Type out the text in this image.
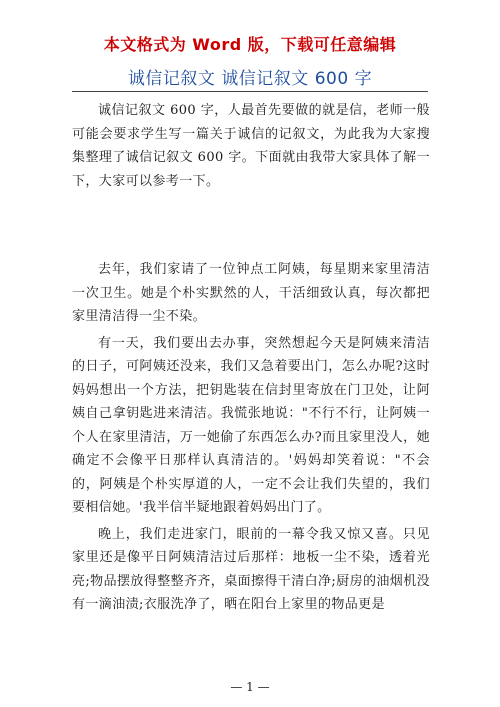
本文格式为 Word 版，下载可任意编辑
诚信记叙文 诚信记叙文 600 字

诚信记叙文 600 字，人最首先要做的就是信，老师一般可能会要求学生写一篇关于诚信的记叙文，为此我为大家搜集整理了诚信记叙文 600 字。下面就由我带大家具体了解一下，大家可以参考一下。

去年，我们家请了一位钟点工阿姨，每星期来家里清洁一次卫生。她是个朴实默然的人，干活细致认真，每次都把家里清洁得一尘不染。

有一天，我们要出去办事，突然想起今天是阿姨来清洁的日子，可阿姨还没来，我们又急着要出门，怎么办呢?这时妈妈想出一个方法，把钥匙装在信封里寄放在门卫处，让阿姨自己拿钥匙进来清洁。我慌张地说："不行不行，让阿姨一个人在家里清洁，万一她偷了东西怎么办?而且家里没人，她确定不会像平日那样认真清洁的。'妈妈却笑着说："不会的，阿姨是个朴实厚道的人，一定不会让我们失望的，我们要相信她。'我半信半疑地跟着妈妈出门了。

晚上，我们走进家门，眼前的一幕令我又惊又喜。只见家里还是像平日阿姨清洁过后那样：地板一尘不染，透着光亮;物品摆放得整整齐齐，桌面擦得干清白净;厨房的油烟机没有一滴油渍;衣服洗净了，晒在阳台上家里的物品更是

— 1 —
